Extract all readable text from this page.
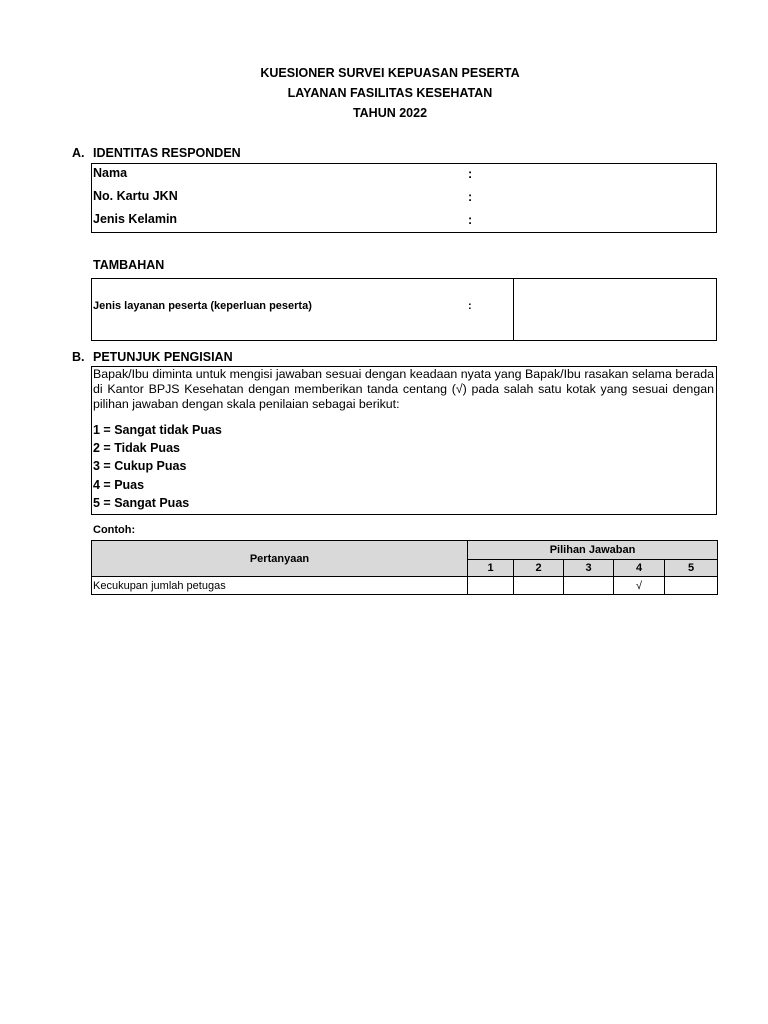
KUESIONER SURVEI KEPUASAN PESERTA
LAYANAN FASILITAS KESEHATAN
TAHUN 2022
A. IDENTITAS RESPONDEN
Nama	:
No. Kartu JKN	:
Jenis Kelamin	:
TAMBAHAN
Jenis layanan peserta (keperluan peserta)	:
B. PETUNJUK PENGISIAN
Bapak/Ibu diminta untuk mengisi jawaban sesuai dengan keadaan nyata yang Bapak/Ibu rasakan selama berada di Kantor BPJS Kesehatan dengan memberikan tanda centang (√) pada salah satu kotak yang sesuai dengan pilihan jawaban dengan skala penilaian sebagai berikut:
1 = Sangat tidak Puas
2 = Tidak Puas
3 = Cukup Puas
4 = Puas
5 = Sangat Puas
Contoh:
Pertanyaan	Pilihan Jawaban				
	1	2	3	4	5
Kecukupan jumlah petugas				√	
